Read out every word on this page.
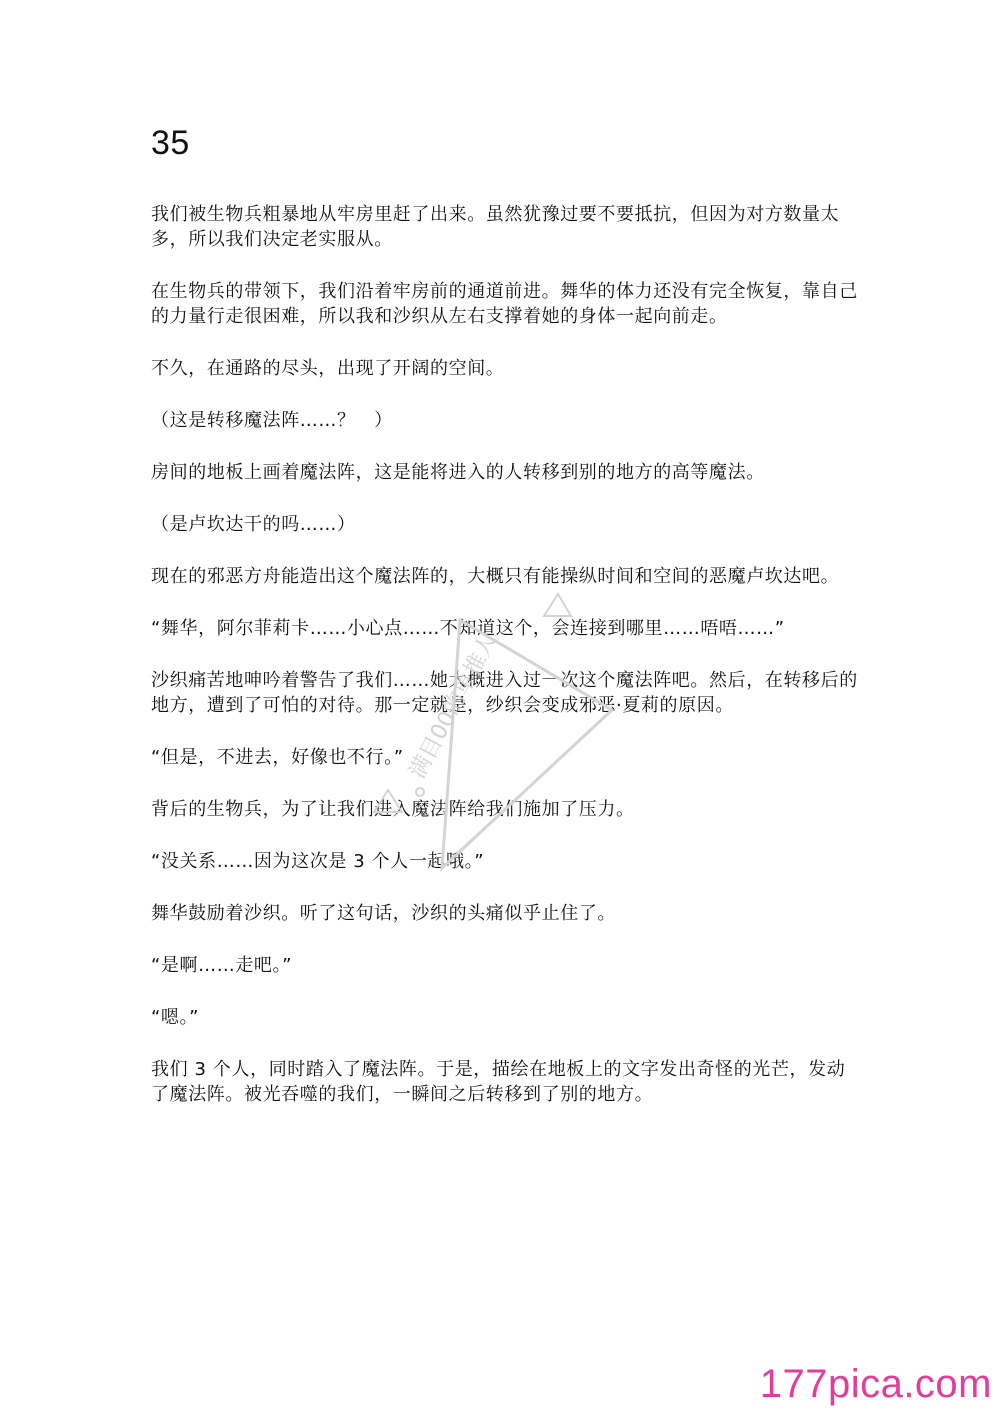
35

我们被生物兵粗暴地从牢房里赶了出来。虽然犹豫过要不要抵抗，但因为对方数量太多，所以我们决定老实服从。

在生物兵的带领下，我们沿着牢房前的通道前进。舞华的体力还没有完全恢复，靠自己的力量行走很困难，所以我和沙织从左右支撑着她的身体一起向前走。

不久，在通路的尽头，出现了开阔的空间。

（这是转移魔法阵……？　）

房间的地板上画着魔法阵，这是能将进入的人转移到别的地方的高等魔法。

（是卢坎达干的吗……）

现在的邪恶方舟能造出这个魔法阵的，大概只有能操纵时间和空间的恶魔卢坎达吧。

“舞华，阿尔菲莉卡……小心点……不知道这个，会连接到哪里……唔唔……”

沙织痛苦地呻吟着警告了我们……她大概进入过一次这个魔法阵吧。然后，在转移后的地方，遭到了可怕的对待。那一定就是，纱织会变成邪恶·夏莉的原因。

“但是，不进去，好像也不行。”

背后的生物兵，为了让我们进入魔法阵给我们施加了压力。

“没关系……因为这次是 3 个人一起哦。”

舞华鼓励着沙织。听了这句话，沙织的头痛似乎止住了。

“是啊……走吧。”

“嗯。”

我们 3 个人，同时踏入了魔法阵。于是，描绘在地板上的文字发出奇怪的光芒，发动了魔法阵。被光吞噬的我们，一瞬间之后转移到了别的地方。

满目00的单推人
177pica.com
